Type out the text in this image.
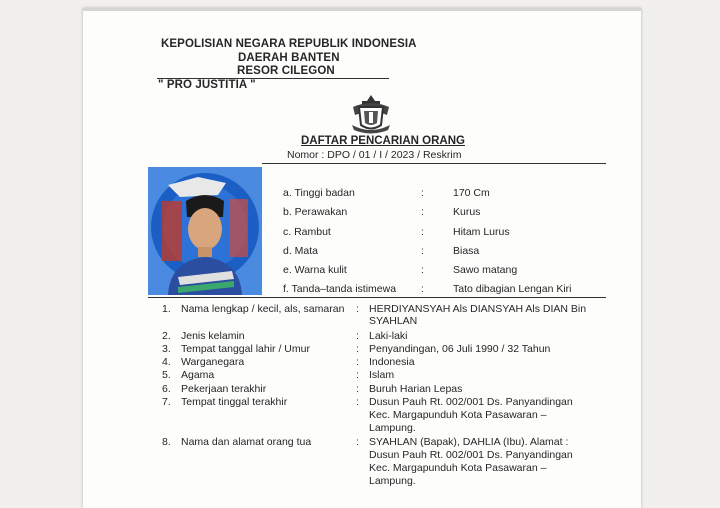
KEPOLISIAN NEGARA REPUBLIK INDONESIA
DAERAH BANTEN
RESOR CILEGON
" PRO JUSTITIA "
DAFTAR PENCARIAN ORANG
Nomor : DPO / 01 / I / 2023 / Reskrim
a. Tinggi badan	:	170 Cm
b. Perawakan	:	Kurus
c. Rambut	:	Hitam Lurus
d. Mata	:	Biasa
e. Warna kulit	:	Sawo matang
f. Tanda–tanda istimewa :	Tato dibagian Lengan Kiri
1. Nama lengkap / kecil, als, samaran : HERDIYANSYAH Als DIANSYAH Als DIAN Bin
SYAHLAN
2. Jenis kelamin	: Laki-laki
3. Tempat tanggal lahir / Umur	: Penyandingan, 06 Juli 1990 / 32 Tahun
4. Warganegara	: Indonesia
5. Agama	: Islam
6. Pekerjaan terakhir	: Buruh Harian Lepas
7. Tempat tinggal terakhir	: Dusun Pauh Rt. 002/001 Ds. Panyandingan
Kec. Margapunduh Kota Pasawaran –
Lampung.
8. Nama dan alamat orang tua	: SYAHLAN (Bapak), DAHLIA (Ibu). Alamat :
Dusun Pauh Rt. 002/001 Ds. Panyandingan
Kec. Margapunduh Kota Pasawaran –
Lampung.
